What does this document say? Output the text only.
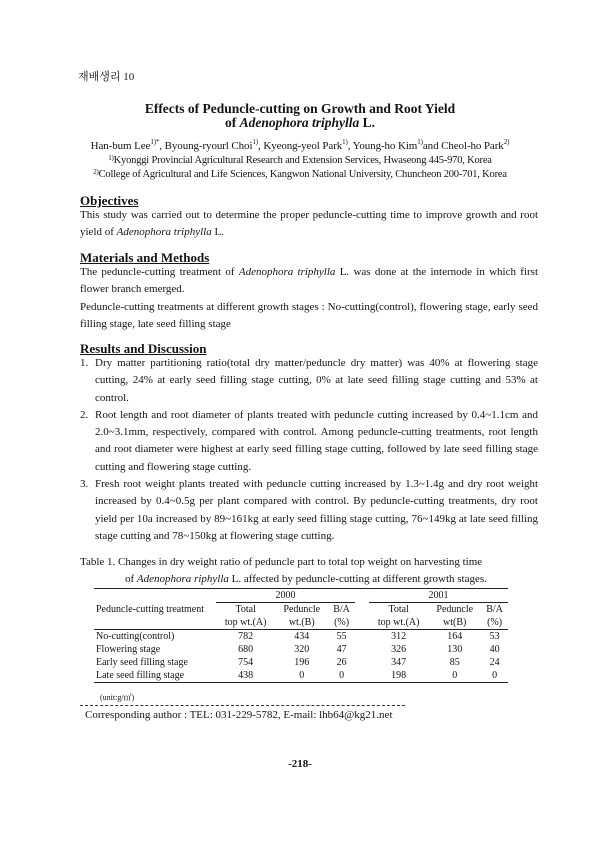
재배생리 10
Effects of Peduncle-cutting on Growth and Root Yield
of Adenophora triphylla L.
Han-bum Lee$^{1)*}$, Byoung-ryourl Choi$^{1)}$, Kyeong-yeol Park$^{1)}$, Young-ho Kim$^{1)}$and Cheol-ho Park$^{2)}$
$^{1)}$Kyonggi Provincial Agricultural Research and Extension Services, Hwaseong 445-970, Korea
$^{2)}$College of Agricultural and Life Sciences, Kangwon National University, Chuncheon 200-701, Korea
Objectives

This study was carried out to determine the proper peduncle-cutting time to improve growth and root yield of Adenophora triphylla L.

Materials and Methods

The peduncle-cutting treatment of Adenophora triphylla L. was done at the internode in which first flower branch emerged.

Peduncle-cutting treatments at different growth stages : No-cutting(control), flowering stage, early seed filling stage, late seed filling stage

Results and Discussion
1. Dry matter partitioning ratio(total dry matter/peduncle dry matter) was 40% at flowering stage cutting, 24% at early seed filling stage cutting, 0% at late seed filling stage cutting and 53% at control.
2. Root length and root diameter of plants treated with peduncle cutting increased by 0.4~1.1cm and 2.0~3.1mm, respectively, compared with control. Among peduncle-cutting treatments, root length and root diameter were highest at early seed filling stage cutting, followed by late seed filling stage cutting and flowering stage cutting.
3. Fresh root weight plants treated with peduncle cutting increased by 1.3~1.4g and dry root weight increased by 0.4~0.5g per plant compared with control. By peduncle-cutting treatments, dry root yield per 10a increased by 89~161kg at early seed filling stage cutting, 76~149kg at late seed filling stage cutting and 78~150kg at flowering stage cutting.
Table 1. Changes in dry weight ratio of peduncle part to total top weight on harvesting time
of Adenophora riphylla L. affected by peduncle-cutting at different growth stages.
Peduncle-cutting treatment	2000				2001		
	Total	Peduncle	B/A		Total	Peduncle	B/A
	top wt.(A)	wt.(B)	(%)		top wt.(A)	wt(B)	(%)
No-cutting(control)	782	434	55		312	164	53
Flowering stage	680	320	47		326	130	40
Early seed filling stage	754	196	26		347	85	24
Late seed filling stage	438	0	0		198	0	0
(unit:g/㎡)
Corresponding author : TEL: 031-229-5782, E-mail: lhb64@kg21.net
-218-
